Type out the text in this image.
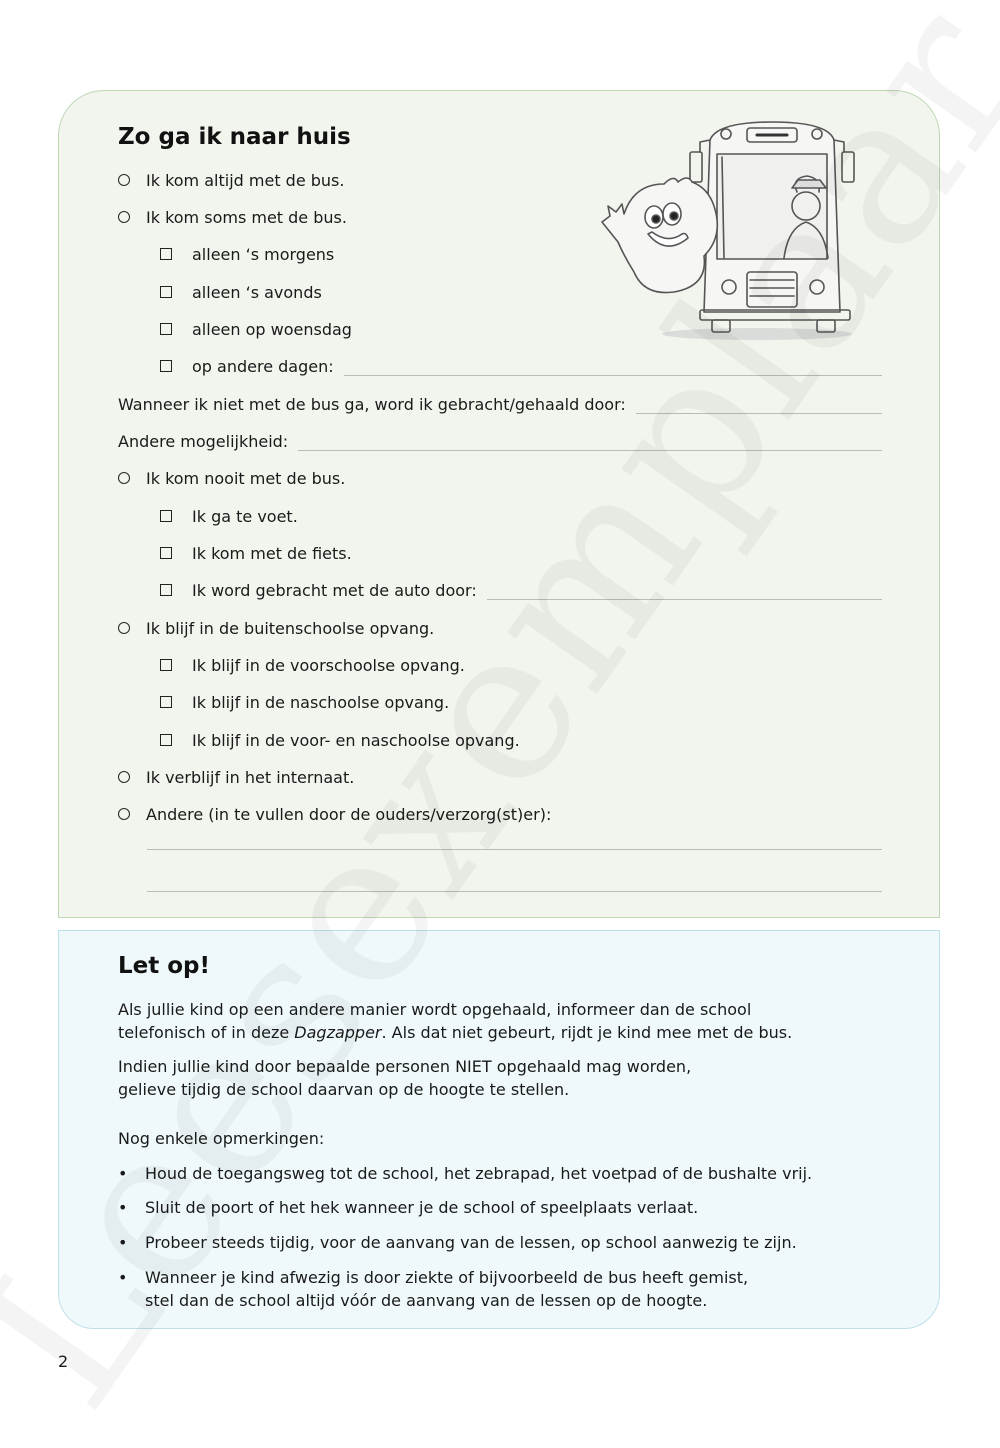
Zo ga ik naar huis
Ik kom altijd met de bus.
Ik kom soms met de bus.
alleen ‘s morgens
alleen ‘s avonds
alleen op woensdag
op andere dagen:
Wanneer ik niet met de bus ga, word ik gebracht/gehaald door:
Andere mogelijkheid:
Ik kom nooit met de bus.
Ik ga te voet.
Ik kom met de fiets.
Ik word gebracht met de auto door:
Ik blijf in de buitenschoolse opvang.
Ik blijf in de voorschoolse opvang.
Ik blijf in de naschoolse opvang.
Ik blijf in de voor- en naschoolse opvang.
Ik verblijf in het internaat.
Andere (in te vullen door de ouders/verzorg(st)er):
Let op!

Als jullie kind op een andere manier wordt opgehaald, informeer dan de school telefonisch of in deze Dagzapper. Als dat niet gebeurt, rijdt je kind mee met de bus.

Indien jullie kind door bepaalde personen NIET opgehaald mag worden,
gelieve tijdig de school daarvan op de hoogte te stellen.

Nog enkele opmerkingen:

•	Houd de toegangsweg tot de school, het zebrapad, het voetpad of de bushalte vrij.
•	Sluit de poort of het hek wanneer je de school of speelplaats verlaat.
•	Probeer steeds tijdig, voor de aanvang van de lessen, op school aanwezig te zijn.
•	Wanneer je kind afwezig is door ziekte of bijvoorbeeld de bus heeft gemist,
stel dan de school altijd vóór de aanvang van de lessen op de hoogte.
2
